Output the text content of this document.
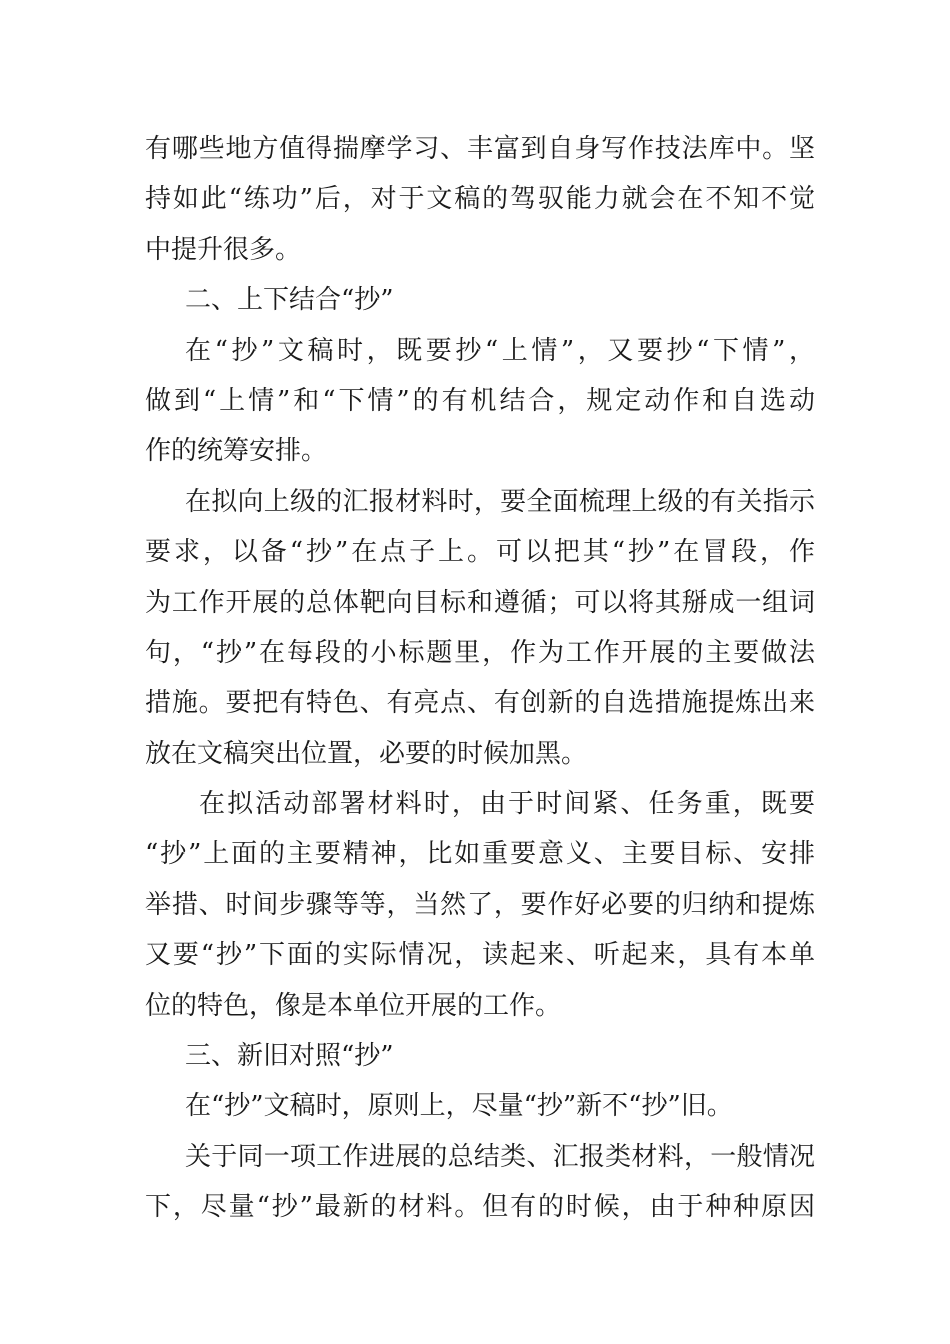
有哪些地方值得揣摩学习、丰富到自身写作技法库中。坚
持如此“练功”后，对于文稿的驾驭能力就会在不知不觉
中提升很多。
二、上下结合“抄”
在“抄”文稿时，既要抄“上情”，又要抄“下情”，
做到“上情”和“下情”的有机结合，规定动作和自选动
作的统筹安排。
在拟向上级的汇报材料时，要全面梳理上级的有关指示
要求，以备“抄”在点子上。可以把其“抄”在冒段，作
为工作开展的总体靶向目标和遵循；可以将其掰成一组词
句，“抄”在每段的小标题里，作为工作开展的主要做法
措施。要把有特色、有亮点、有创新的自选措施提炼出来
放在文稿突出位置，必要的时候加黑。
在拟活动部署材料时，由于时间紧、任务重，既要
“抄”上面的主要精神，比如重要意义、主要目标、安排
举措、时间步骤等等，当然了，要作好必要的归纳和提炼
又要“抄”下面的实际情况，读起来、听起来，具有本单
位的特色，像是本单位开展的工作。
三、新旧对照“抄”
在“抄”文稿时，原则上，尽量“抄”新不“抄”旧。
关于同一项工作进展的总结类、汇报类材料，一般情况
下，尽量“抄”最新的材料。但有的时候，由于种种原因
